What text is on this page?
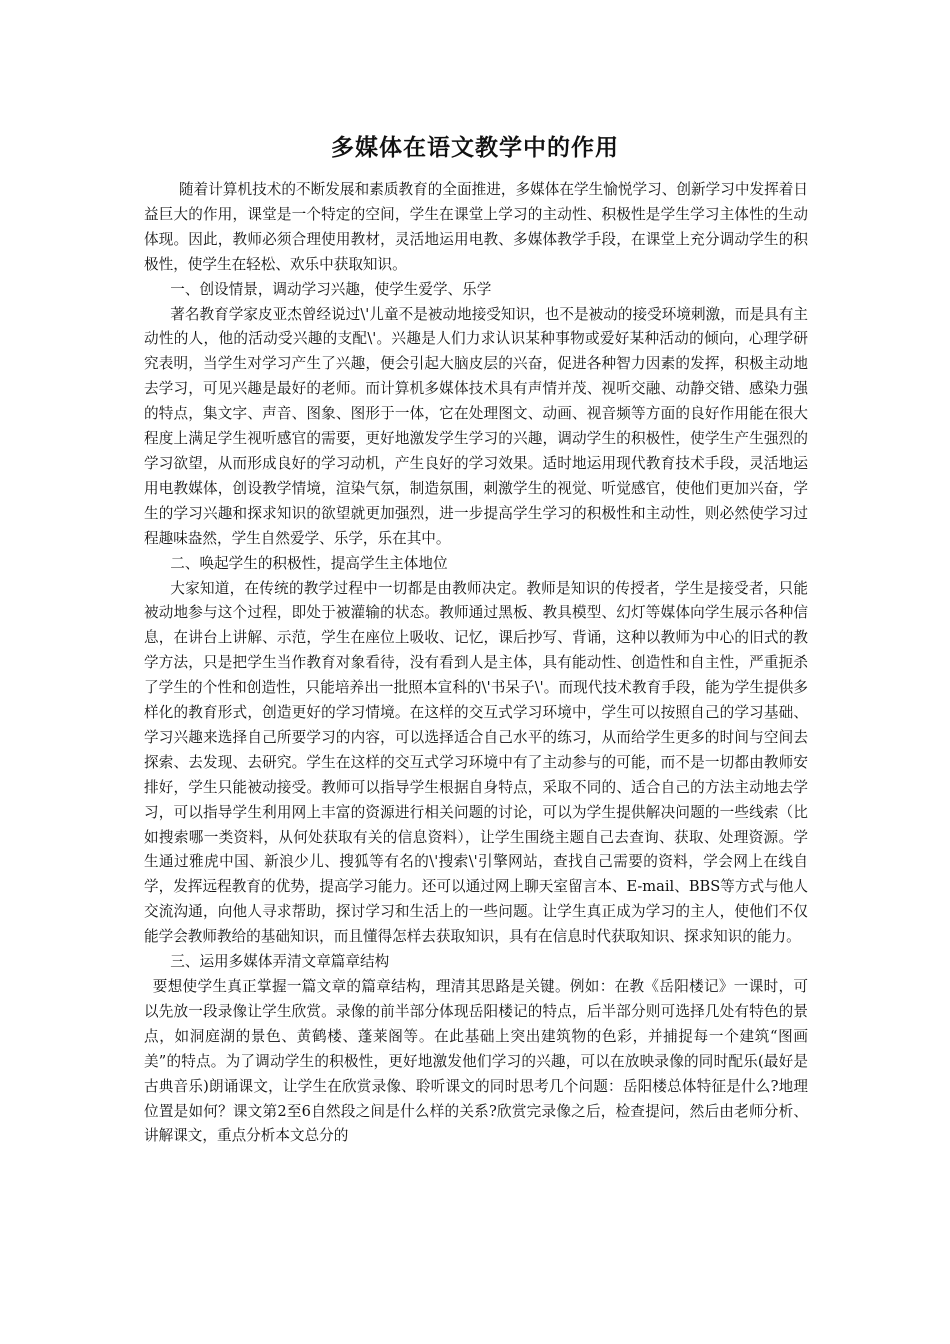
多媒体在语文教学中的作用

随着计算机技术的不断发展和素质教育的全面推进，多媒体在学生愉悦学习、创新学习中发挥着日益巨大的作用，课堂是一个特定的空间，学生在课堂上学习的主动性、积极性是学生学习主体性的生动体现。因此，教师必须合理使用教材，灵活地运用电教、多媒体教学手段，在课堂上充分调动学生的积极性，使学生在轻松、欢乐中获取知识。

一、创设情景，调动学习兴趣，使学生爱学、乐学

著名教育学家皮亚杰曾经说过\'儿童不是被动地接受知识，也不是被动的接受环境刺激，而是具有主动性的人，他的活动受兴趣的支配\'。兴趣是人们力求认识某种事物或爱好某种活动的倾向，心理学研究表明，当学生对学习产生了兴趣，便会引起大脑皮层的兴奋，促进各种智力因素的发挥，积极主动地去学习，可见兴趣是最好的老师。而计算机多媒体技术具有声情并茂、视听交融、动静交错、感染力强的特点，集文字、声音、图象、图形于一体，它在处理图文、动画、视音频等方面的良好作用能在很大程度上满足学生视听感官的需要，更好地激发学生学习的兴趣，调动学生的积极性，使学生产生强烈的学习欲望，从而形成良好的学习动机，产生良好的学习效果。适时地运用现代教育技术手段，灵活地运用电教媒体，创设教学情境，渲染气氛，制造氛围，刺激学生的视觉、听觉感官，使他们更加兴奋，学生的学习兴趣和探求知识的欲望就更加强烈，进一步提高学生学习的积极性和主动性，则必然使学习过程趣味盎然，学生自然爱学、乐学，乐在其中。

二、唤起学生的积极性，提高学生主体地位

大家知道，在传统的教学过程中一切都是由教师决定。教师是知识的传授者，学生是接受者，只能被动地参与这个过程，即处于被灌输的状态。教师通过黑板、教具模型、幻灯等媒体向学生展示各种信息，在讲台上讲解、示范，学生在座位上吸收、记忆，课后抄写、背诵，这种以教师为中心的旧式的教学方法，只是把学生当作教育对象看待，没有看到人是主体，具有能动性、创造性和自主性，严重扼杀了学生的个性和创造性，只能培养出一批照本宣科的\'书呆子\'。而现代技术教育手段，能为学生提供多样化的教育形式，创造更好的学习情境。在这样的交互式学习环境中，学生可以按照自己的学习基础、学习兴趣来选择自己所要学习的内容，可以选择适合自己水平的练习，从而给学生更多的时间与空间去探索、去发现、去研究。学生在这样的交互式学习环境中有了主动参与的可能，而不是一切都由教师安排好，学生只能被动接受。教师可以指导学生根据自身特点，采取不同的、适合自己的方法主动地去学习，可以指导学生利用网上丰富的资源进行相关问题的讨论，可以为学生提供解决问题的一些线索（比如搜索哪一类资料，从何处获取有关的信息资料），让学生围绕主题自己去查询、获取、处理资源。学生通过雅虎中国、新浪少儿、搜狐等有名的\'搜索\'引擎网站，查找自己需要的资料，学会网上在线自学，发挥远程教育的优势，提高学习能力。还可以通过网上聊天室留言本、E-mail、BBS等方式与他人交流沟通，向他人寻求帮助，探讨学习和生活上的一些问题。让学生真正成为学习的主人，使他们不仅能学会教师教给的基础知识，而且懂得怎样去获取知识，具有在信息时代获取知识、探求知识的能力。

三、运用多媒体弄清文章篇章结构

要想使学生真正掌握一篇文章的篇章结构，理清其思路是关键。例如：在教《岳阳楼记》一课时，可以先放一段录像让学生欣赏。录像的前半部分体现岳阳楼记的特点，后半部分则可选择几处有特色的景点，如洞庭湖的景色、黄鹤楼、蓬莱阁等。在此基础上突出建筑物的色彩，并捕捉每一个建筑“图画美”的特点。为了调动学生的积极性，更好地激发他们学习的兴趣，可以在放映录像的同时配乐(最好是古典音乐)朗诵课文，让学生在欣赏录像、聆听课文的同时思考几个问题：岳阳楼总体特征是什么?地理位置是如何？课文第2至6自然段之间是什么样的关系?欣赏完录像之后，检查提问，然后由老师分析、讲解课文，重点分析本文总分的
